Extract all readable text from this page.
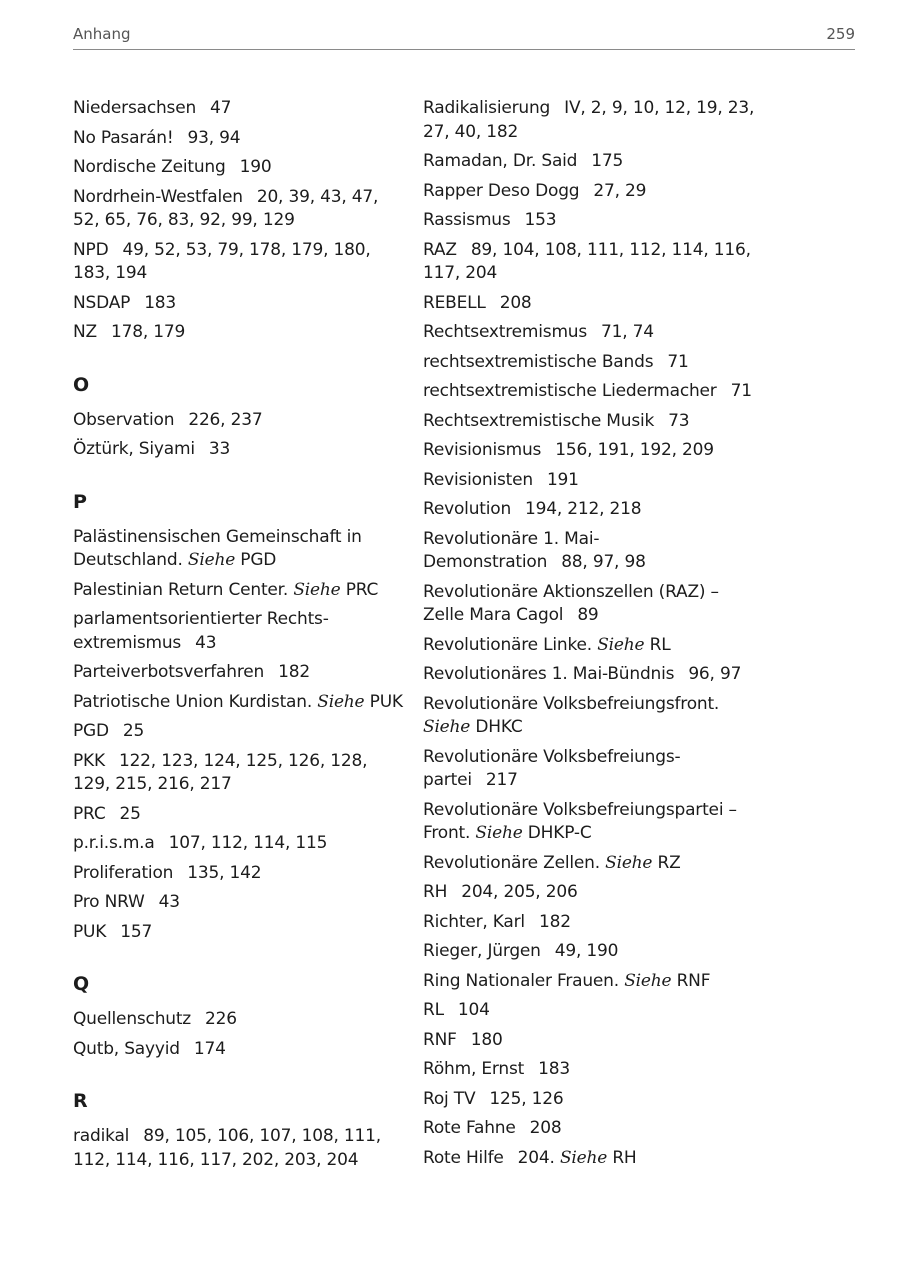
Anhang	259
Niedersachsen 47
No Pasarán! 93, 94
Nordische Zeitung 190
Nordrhein-Westfalen 20, 39, 43, 47, 52, 65, 76, 83, 92, 99, 129
NPD 49, 52, 53, 79, 178, 179, 180, 183, 194
NSDAP 183
NZ 178, 179
O
Observation 226, 237
Öztürk, Siyami 33
P
Palästinensischen Gemeinschaft in Deutschland. Siehe PGD
Palestinian Return Center. Siehe PRC
parlamentsorientierter Rechts-extremismus 43
Parteiverbotsverfahren 182
Patriotische Union Kurdistan. Siehe PUK
PGD 25
PKK 122, 123, 124, 125, 126, 128, 129, 215, 216, 217
PRC 25
p.r.i.s.m.a 107, 112, 114, 115
Proliferation 135, 142
Pro NRW 43
PUK 157
Q
Quellenschutz 226
Qutb, Sayyid 174
R
radikal 89, 105, 106, 107, 108, 111, 112, 114, 116, 117, 202, 203, 204
Radikalisierung IV, 2, 9, 10, 12, 19, 23, 27, 40, 182
Ramadan, Dr. Said 175
Rapper Deso Dogg 27, 29
Rassismus 153
RAZ 89, 104, 108, 111, 112, 114, 116, 117, 204
REBELL 208
Rechtsextremismus 71, 74
rechtsextremistische Bands 71
rechtsextremistische Liedermacher 71
Rechtsextremistische Musik 73
Revisionismus 156, 191, 192, 209
Revisionisten 191
Revolution 194, 212, 218
Revolutionäre 1. Mai-Demonstration 88, 97, 98
Revolutionäre Aktionszellen (RAZ) – Zelle Mara Cagol 89
Revolutionäre Linke. Siehe RL
Revolutionäres 1. Mai-Bündnis 96, 97
Revolutionäre Volksbefreiungsfront. Siehe DHKC
Revolutionäre Volksbefreiungs-partei 217
Revolutionäre Volksbefreiungspartei – Front. Siehe DHKP-C
Revolutionäre Zellen. Siehe RZ
RH 204, 205, 206
Richter, Karl 182
Rieger, Jürgen 49, 190
Ring Nationaler Frauen. Siehe RNF
RL 104
RNF 180
Röhm, Ernst 183
Roj TV 125, 126
Rote Fahne 208
Rote Hilfe 204. Siehe RH
